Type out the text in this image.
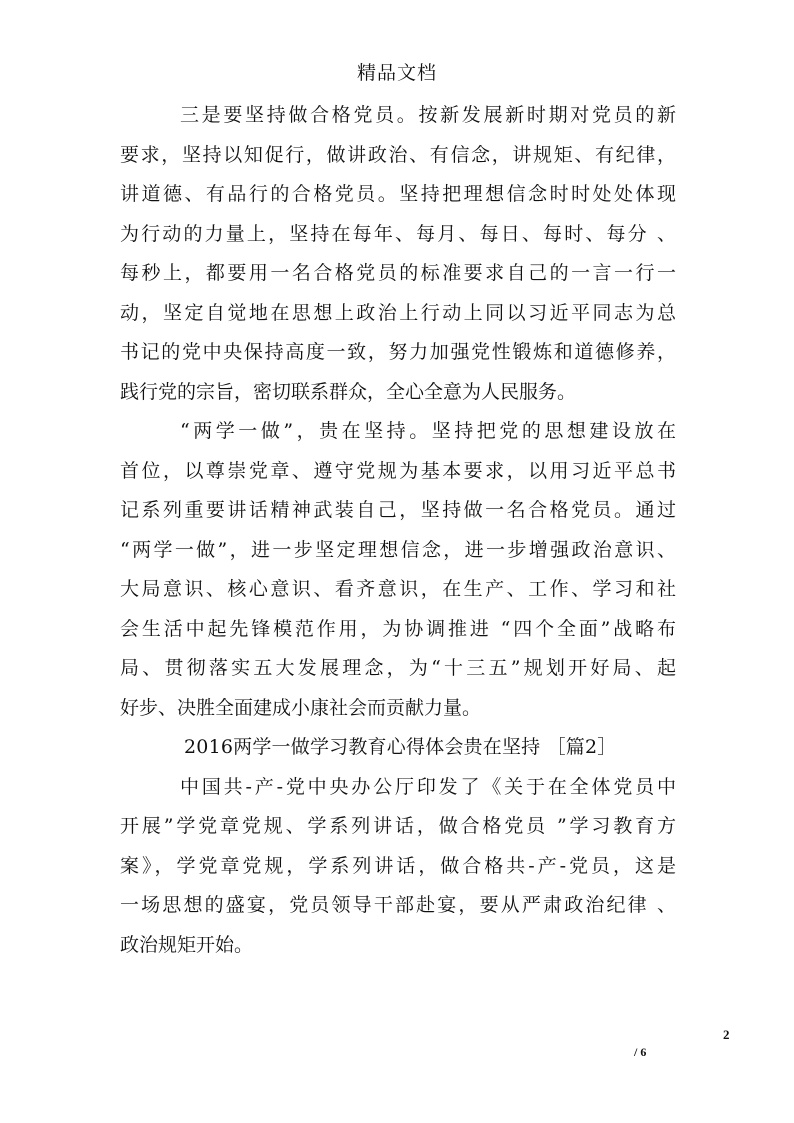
精品文档
三是要坚持做合格党员。按新发展新时期对党员的新
要求，坚持以知促行，做讲政治、有信念，讲规矩、有纪律，
讲道德、有品行的合格党员。坚持把理想信念时时处处体现
为行动的力量上，坚持在每年、每月、每日、每时、每分 、
每秒上，都要用一名合格党员的标准要求自己的一言一行一
动，坚定自觉地在思想上政治上行动上同以习近平同志为总
书记的党中央保持高度一致，努力加强党性锻炼和道德修养，
践行党的宗旨，密切联系群众，全心全意为人民服务。
“两学一做”，贵在坚持。坚持把党的思想建设放在
首位，以尊崇党章、遵守党规为基本要求，以用习近平总书
记系列重要讲话精神武装自己，坚持做一名合格党员。通过
“两学一做”，进一步坚定理想信念，进一步增强政治意识、
大局意识、核心意识、看齐意识，在生产、工作、学习和社
会生活中起先锋模范作用，为协调推进 “四个全面”战略布
局、贯彻落实五大发展理念，为“十三五”规划开好局、起
好步、决胜全面建成小康社会而贡献力量。
2016两学一做学习教育心得体会贵在坚持 ［篇2］
中国共-产-党中央办公厅印发了《关于在全体党员中
开展”学党章党规、学系列讲话，做合格党员 ”学习教育方
案》，学党章党规，学系列讲话，做合格共-产-党员，这是
一场思想的盛宴，党员领导干部赴宴，要从严肃政治纪律 、
政治规矩开始。
2
/ 6
